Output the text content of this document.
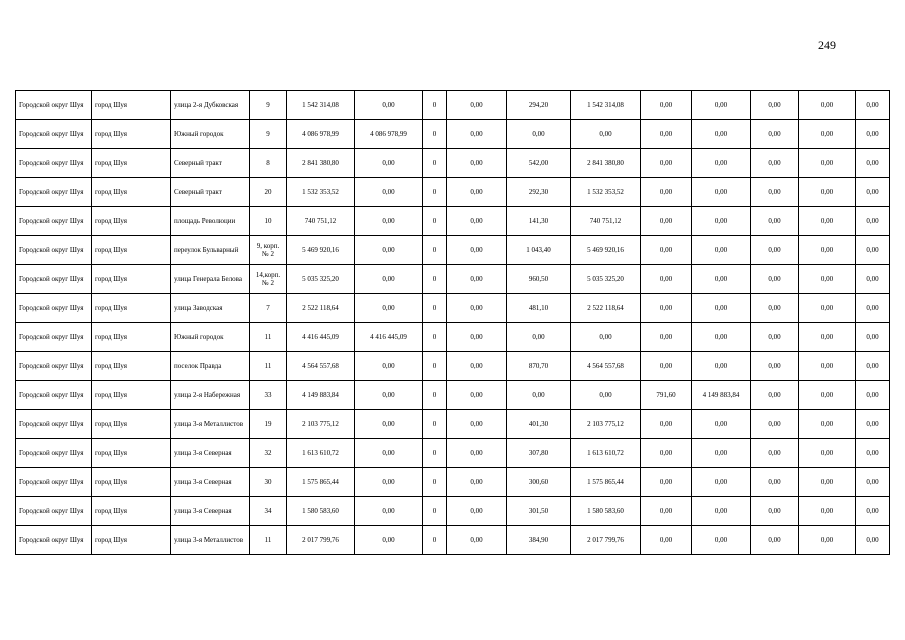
249
Городской округ Шуя	город Шуя	улица 2-я Дубковская	9	1 542 314,08	0,00	0	0,00	294,20	1 542 314,08	0,00	0,00	0,00	0,00	0,00
Городской округ Шуя	город Шуя	Южный городок	9	4 086 978,99	4 086 978,99	0	0,00	0,00	0,00	0,00	0,00	0,00	0,00	0,00
Городской округ Шуя	город Шуя	Северный тракт	8	2 841 380,80	0,00	0	0,00	542,00	2 841 380,80	0,00	0,00	0,00	0,00	0,00
Городской округ Шуя	город Шуя	Северный тракт	20	1 532 353,52	0,00	0	0,00	292,30	1 532 353,52	0,00	0,00	0,00	0,00	0,00
Городской округ Шуя	город Шуя	площадь Революции	10	740 751,12	0,00	0	0,00	141,30	740 751,12	0,00	0,00	0,00	0,00	0,00
Городской округ Шуя	город Шуя	переулок Бульварный	9, корп. № 2	5 469 920,16	0,00	0	0,00	1 043,40	5 469 920,16	0,00	0,00	0,00	0,00	0,00
Городской округ Шуя	город Шуя	улица Генерала Белова	14,корп. № 2	5 035 325,20	0,00	0	0,00	960,50	5 035 325,20	0,00	0,00	0,00	0,00	0,00
Городской округ Шуя	город Шуя	улица Заводская	7	2 522 118,64	0,00	0	0,00	481,10	2 522 118,64	0,00	0,00	0,00	0,00	0,00
Городской округ Шуя	город Шуя	Южный городок	11	4 416 445,09	4 416 445,09	0	0,00	0,00	0,00	0,00	0,00	0,00	0,00	0,00
Городской округ Шуя	город Шуя	поселок Правда	11	4 564 557,68	0,00	0	0,00	870,70	4 564 557,68	0,00	0,00	0,00	0,00	0,00
Городской округ Шуя	город Шуя	улица 2-я Набережная	33	4 149 883,84	0,00	0	0,00	0,00	0,00	791,60	4 149 883,84	0,00	0,00	0,00
Городской округ Шуя	город Шуя	улица 3-я Металлистов	19	2 103 775,12	0,00	0	0,00	401,30	2 103 775,12	0,00	0,00	0,00	0,00	0,00
Городской округ Шуя	город Шуя	улица 3-я Северная	32	1 613 610,72	0,00	0	0,00	307,80	1 613 610,72	0,00	0,00	0,00	0,00	0,00
Городской округ Шуя	город Шуя	улица 3-я Северная	30	1 575 865,44	0,00	0	0,00	300,60	1 575 865,44	0,00	0,00	0,00	0,00	0,00
Городской округ Шуя	город Шуя	улица 3-я Северная	34	1 580 583,60	0,00	0	0,00	301,50	1 580 583,60	0,00	0,00	0,00	0,00	0,00
Городской округ Шуя	город Шуя	улица 3-я Металлистов	11	2 017 799,76	0,00	0	0,00	384,90	2 017 799,76	0,00	0,00	0,00	0,00	0,00
